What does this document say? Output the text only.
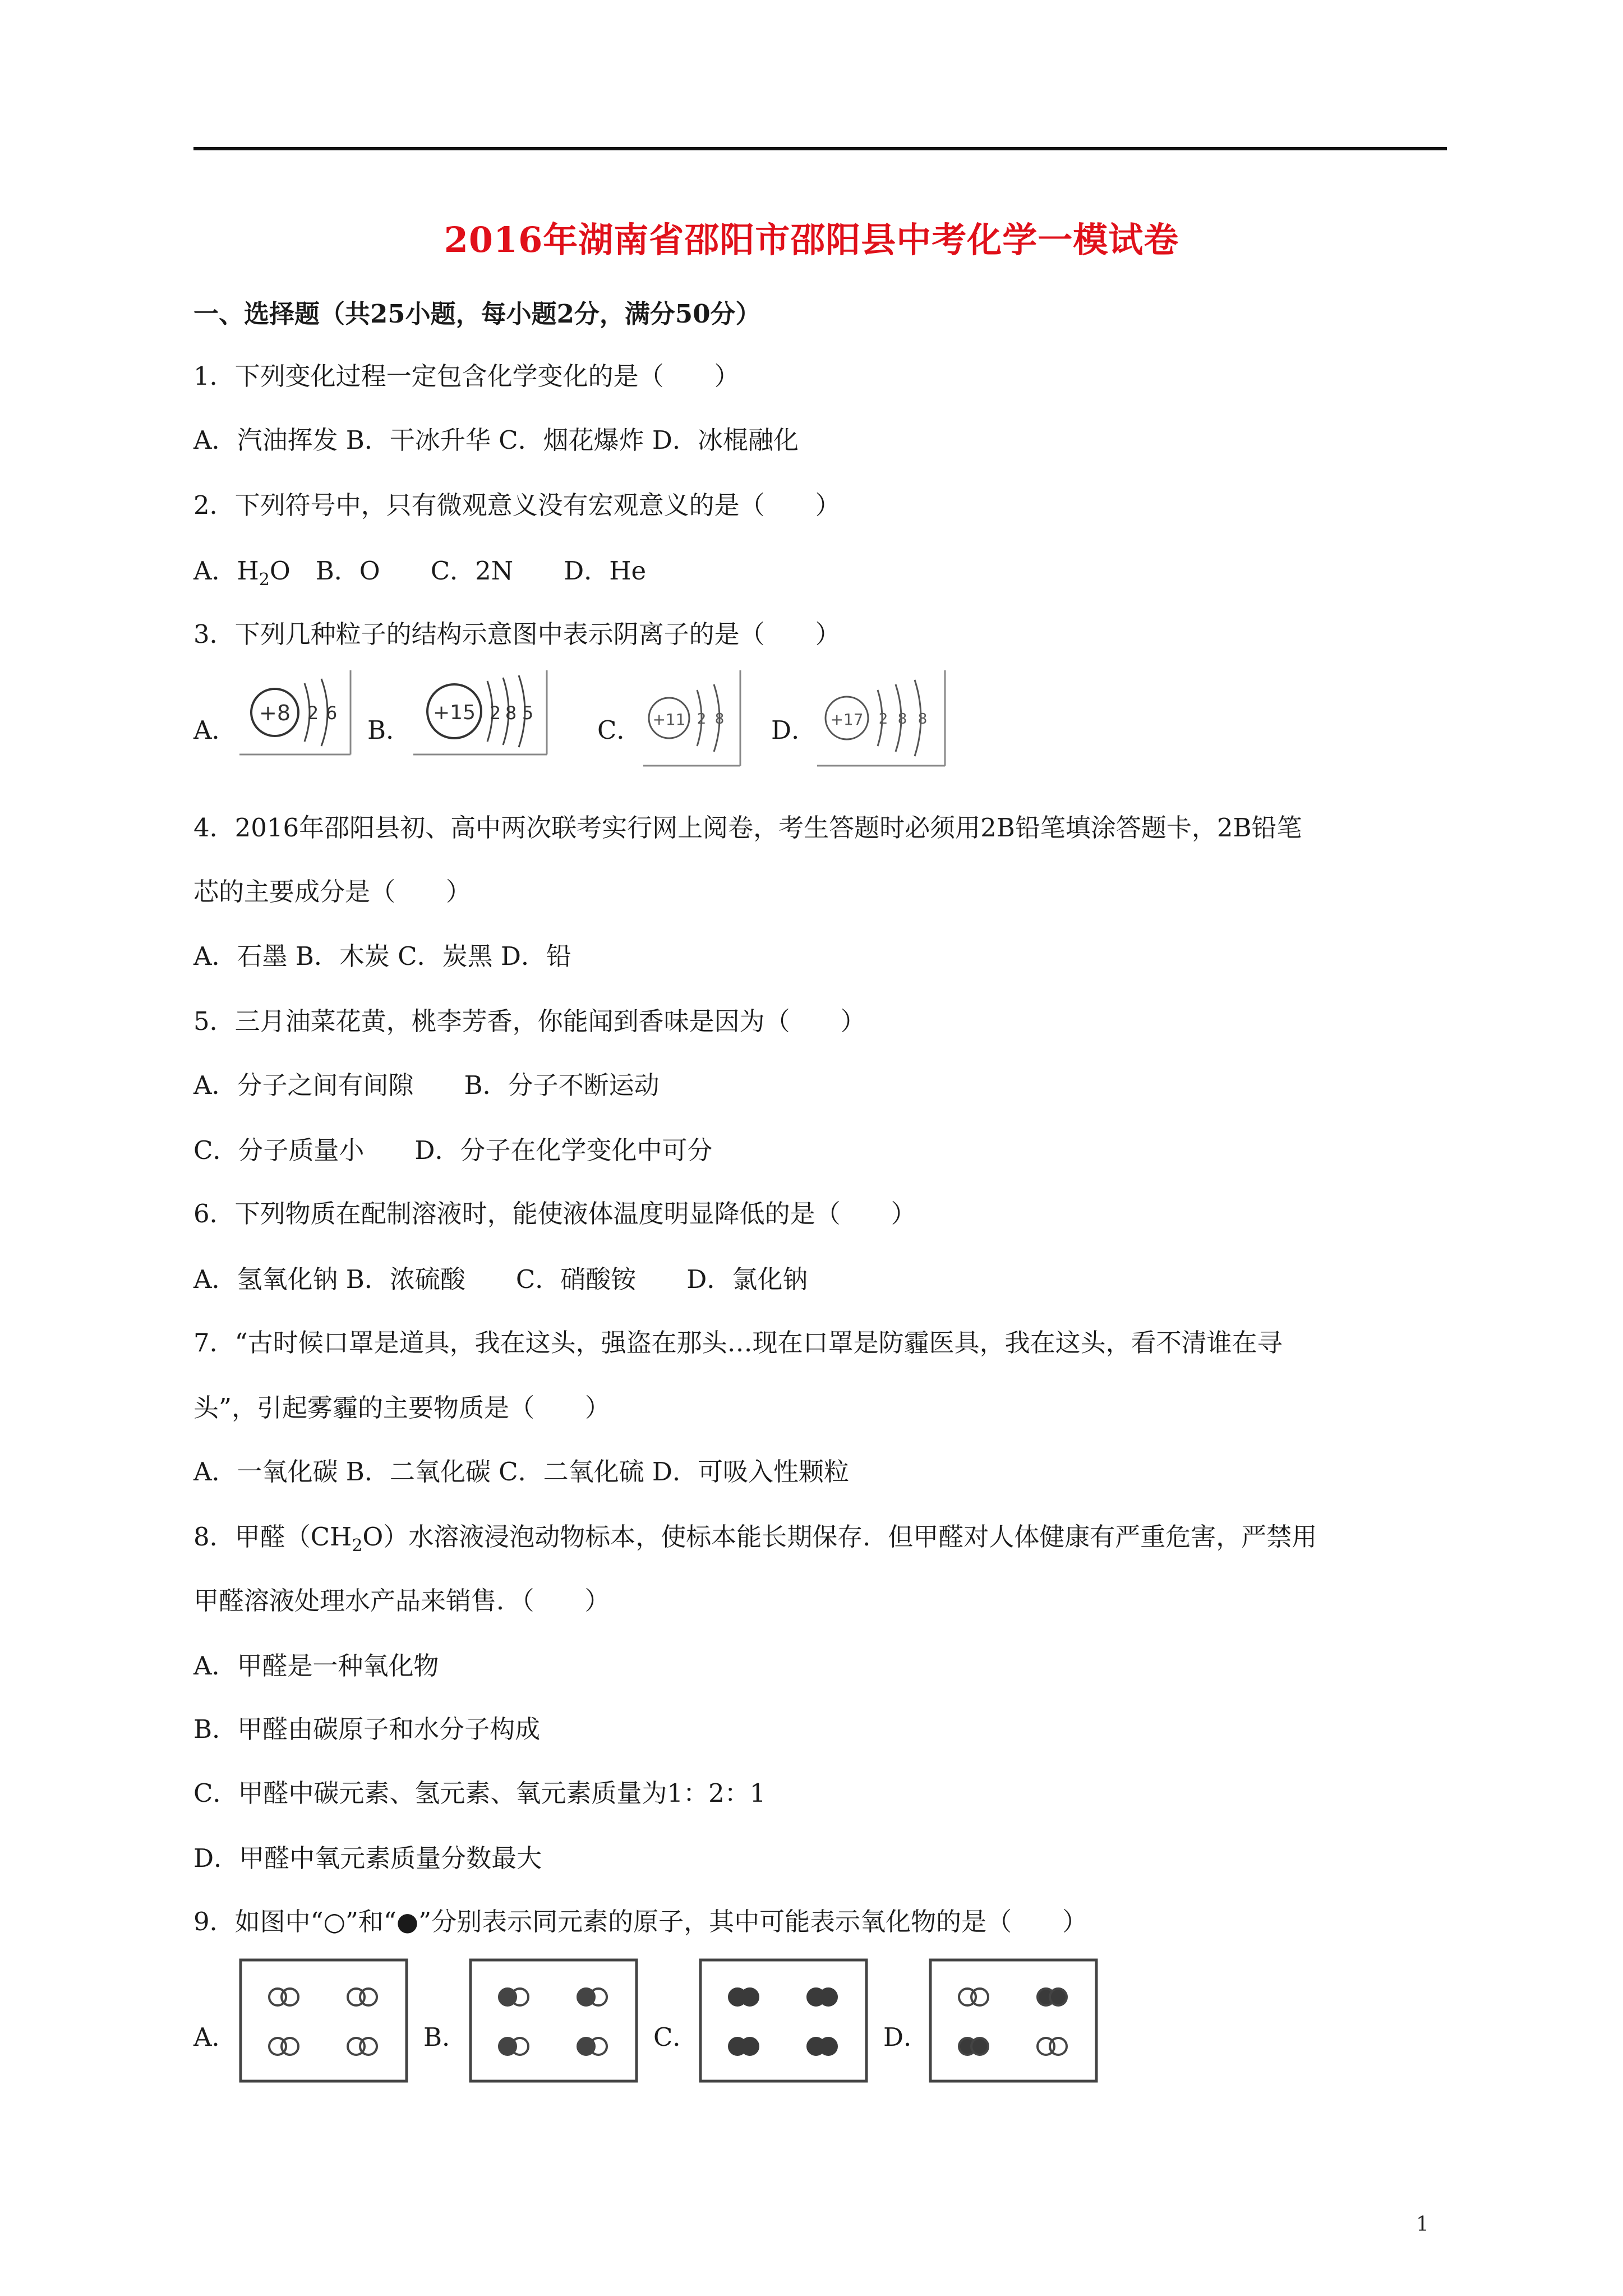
2016年湖南省邵阳市邵阳县中考化学一模试卷
一、选择题（共25小题，每小题2分，满分50分）
1．下列变化过程一定包含化学变化的是（　　）
A．汽油挥发 B．干冰升华 C．烟花爆炸 D．冰棍融化
2．下列符号中，只有微观意义没有宏观意义的是（　　）
A．$H_2O$　B．O　　C．2N　　D．He
3．下列几种粒子的结构示意图中表示阴离子的是（　　）
A．	B．	C．	D．
+8 2 6	+15 2 8 5	+11 2 8	+17 2 8 8
4．2016年邵阳县初、高中两次联考实行网上阅卷，考生答题时必须用2B铅笔填涂答题卡，2B铅笔
芯的主要成分是（　　）
A．石墨 B．木炭 C．炭黑 D．铅
5．三月油菜花黄，桃李芳香，你能闻到香味是因为（　　）
A．分子之间有间隙　　B．分子不断运动
C．分子质量小　　D．分子在化学变化中可分
6．下列物质在配制溶液时，能使液体温度明显降低的是（　　）
A．氢氧化钠 B．浓硫酸　　C．硝酸铵　　D．氯化钠
7．“古时候口罩是道具，我在这头，强盗在那头…现在口罩是防霾医具，我在这头，看不清谁在寻
头”，引起雾霾的主要物质是（　　）
A．一氧化碳 B．二氧化碳 C．二氧化硫 D．可吸入性颗粒
8．甲醛$(CH_2O)$水溶液浸泡动物标本，使标本能长期保存．但甲醛对人体健康有严重危害，严禁用
甲醛溶液处理水产品来销售．（　　）
A．甲醛是一种氧化物
B．甲醛由碳原子和水分子构成
C．甲醛中碳元素、氢元素、氧元素质量为1：2：1
D．甲醛中氧元素质量分数最大
9．如图中“○”和“●”分别表示同元素的原子，其中可能表示氧化物的是（　　）
A．	B．	C．	D．
1
